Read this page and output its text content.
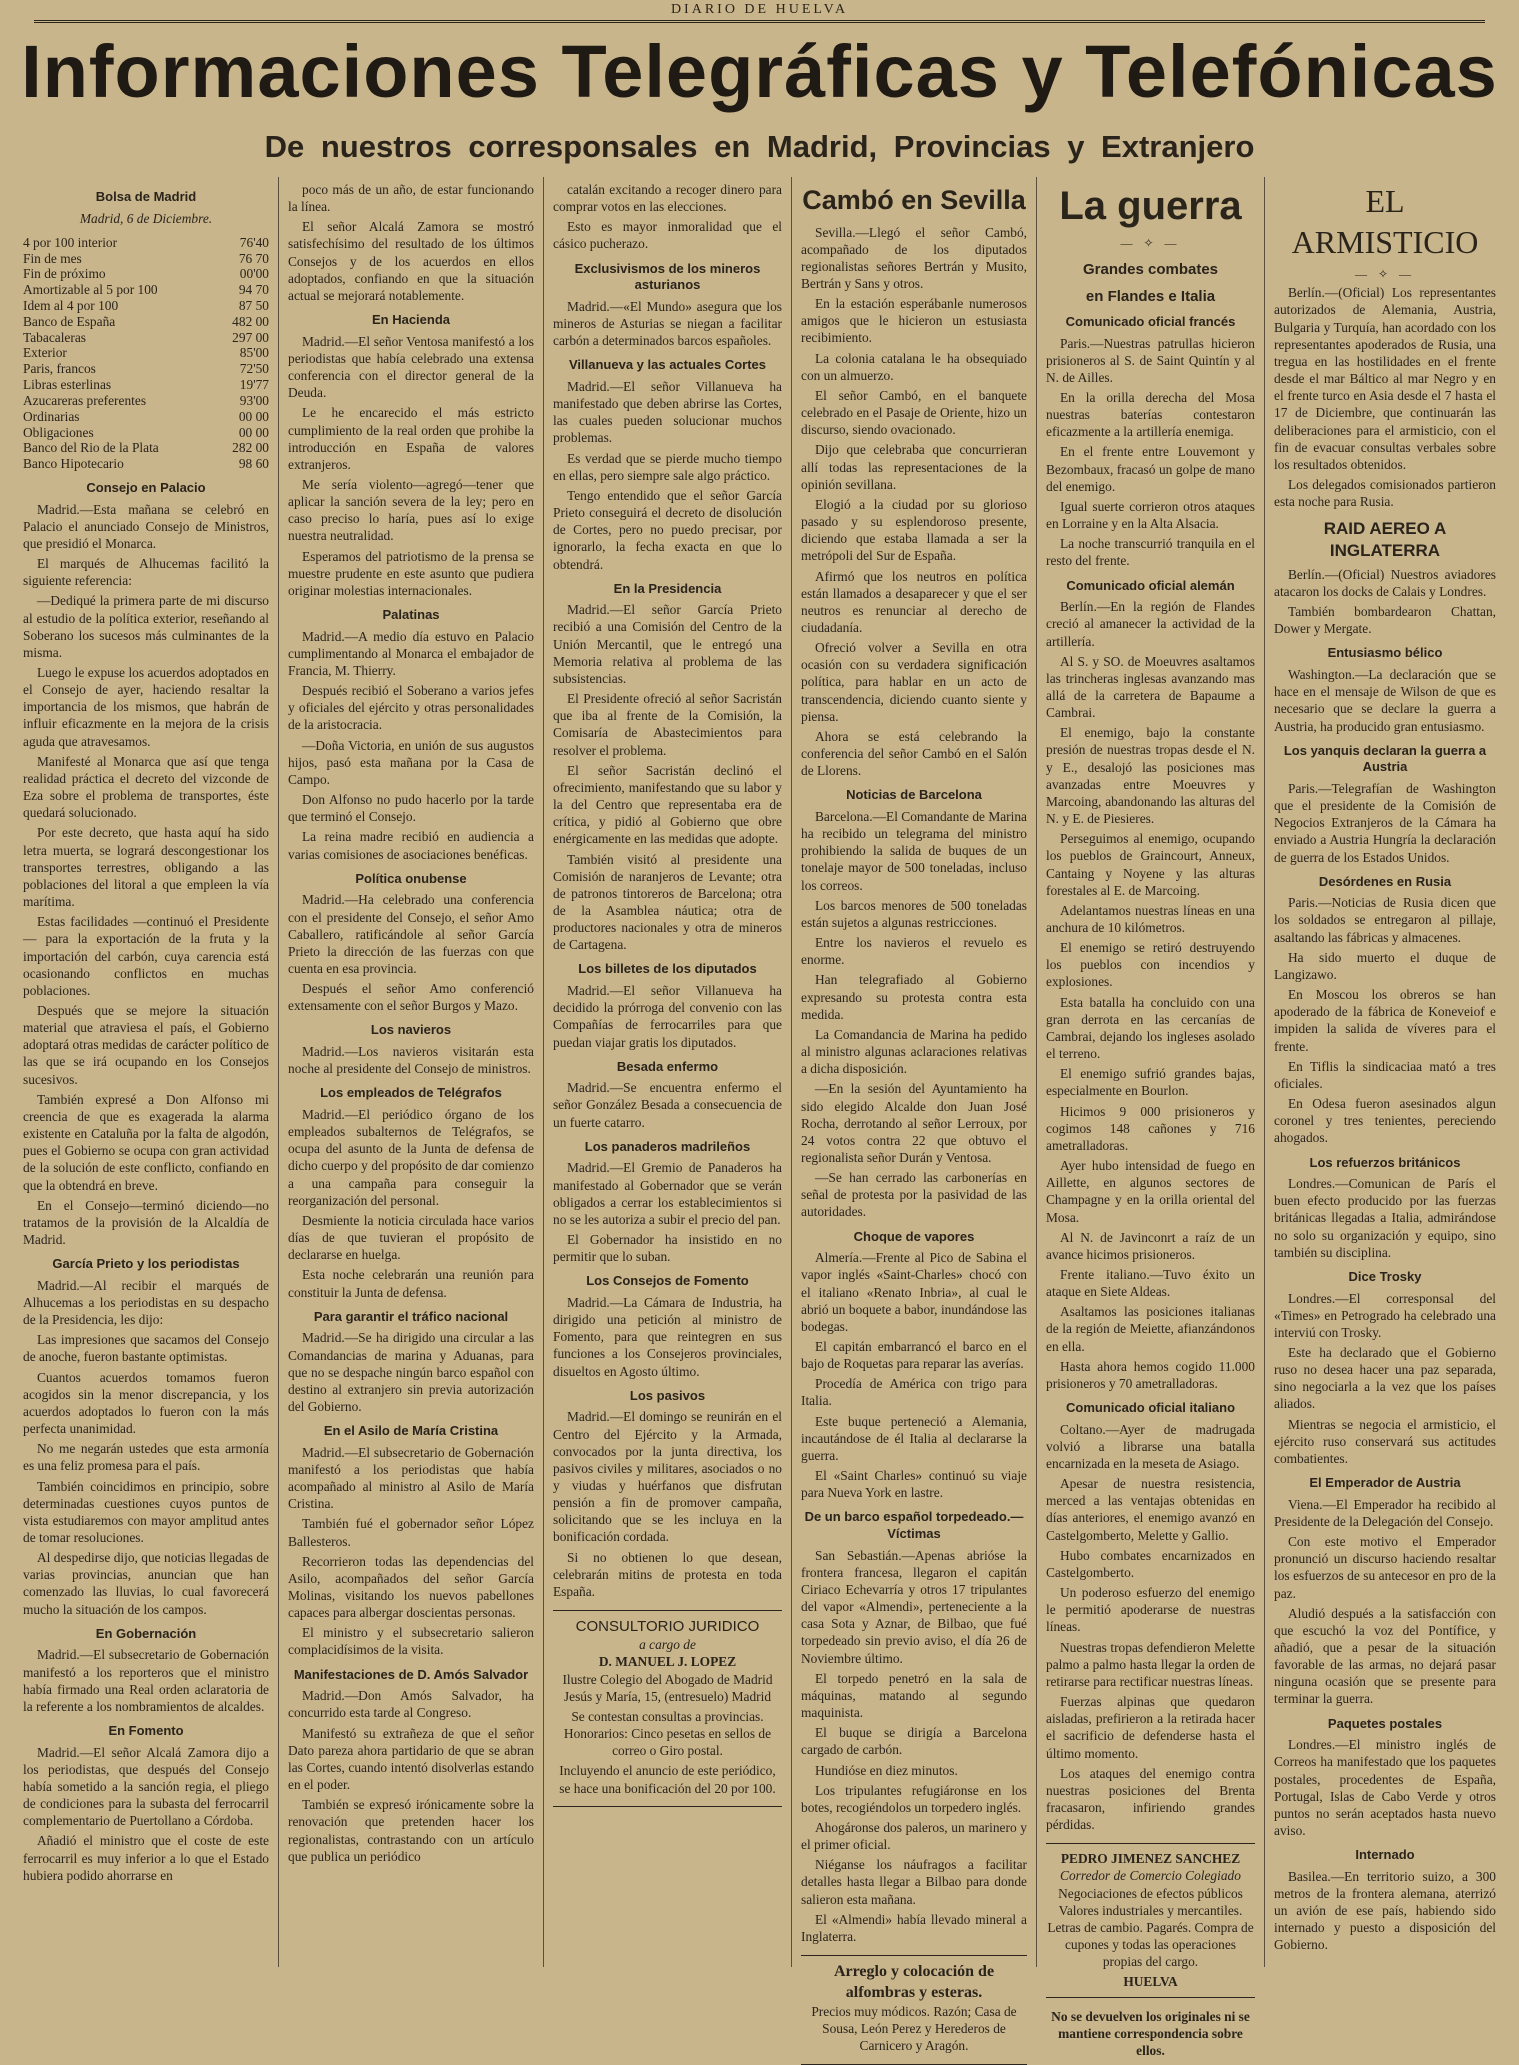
DIARIO DE HUELVA
Informaciones Telegráficas y Telefónicas
De nuestros corresponsales en Madrid, Provincias y Extranjero
Bolsa de Madrid
Madrid, 6 de Diciembre.
4 por 100 interior	76'40
Fin de mes	76 70
Fin de próximo	00'00
Amortizable al 5 por 100	94 70
Idem al 4 por 100	87 50
Banco de España	482 00
Tabacaleras	297 00
Exterior	85'00
Paris, francos	72'50
Libras esterlinas	19'77
Azucareras preferentes	93'00
Ordinarias	00 00
Obligaciones	00 00
Banco del Rio de la Plata	282 00
Banco Hipotecario	98 60
Consejo en Palacio

Madrid.—Esta mañana se celebró en Palacio el anunciado Consejo de Ministros, que presidió el Monarca.

El marqués de Alhucemas facilitó la siguiente referencia:

—Dediqué la primera parte de mi discurso al estudio de la política exterior, reseñando al Soberano los sucesos más culminantes de la misma.

Luego le expuse los acuerdos adoptados en el Consejo de ayer, haciendo resaltar la importancia de los mismos, que habrán de influir eficazmente en la mejora de la crisis aguda que atravesamos.

Manifesté al Monarca que así que tenga realidad práctica el decreto del vizconde de Eza sobre el problema de transportes, éste quedará solucionado.

Por este decreto, que hasta aquí ha sido letra muerta, se logrará descongestionar los transportes terrestres, obligando a las poblaciones del litoral a que empleen la vía marítima.

Estas facilidades —continuó el Presidente— para la exportación de la fruta y la importación del carbón, cuya carencia está ocasionando conflictos en muchas poblaciones.

Después que se mejore la situación material que atraviesa el país, el Gobierno adoptará otras medidas de carácter político de las que se irá ocupando en los Consejos sucesivos.

También expresé a Don Alfonso mi creencia de que es exagerada la alarma existente en Cataluña por la falta de algodón, pues el Gobierno se ocupa con gran actividad de la solución de este conflicto, confiando en que la obtendrá en breve.

En el Consejo—terminó diciendo—no tratamos de la provisión de la Alcaldía de Madrid.

García Prieto y los periodistas

Madrid.—Al recibir el marqués de Alhucemas a los periodistas en su despacho de la Presidencia, les dijo:

Las impresiones que sacamos del Consejo de anoche, fueron bastante optimistas.

Cuantos acuerdos tomamos fueron acogidos sin la menor discrepancia, y los acuerdos adoptados lo fueron con la más perfecta unanimidad.

No me negarán ustedes que esta armonía es una feliz promesa para el país.

También coincidimos en principio, sobre determinadas cuestiones cuyos puntos de vista estudiaremos con mayor amplitud antes de tomar resoluciones.

Al despedirse dijo, que noticias llegadas de varias provincias, anuncian que han comenzado las lluvias, lo cual favorecerá mucho la situación de los campos.

En Gobernación

Madrid.—El subsecretario de Gobernación manifestó a los reporteros que el ministro había firmado una Real orden aclaratoria de la referente a los nombramientos de alcaldes.

En Fomento

Madrid.—El señor Alcalá Zamora dijo a los periodistas, que después del Consejo había sometido a la sanción regia, el pliego de condiciones para la subasta del ferrocarril complementario de Puertollano a Córdoba.

Añadió el ministro que el coste de este ferrocarril es muy inferior a lo que el Estado hubiera podido ahorrarse en

poco más de un año, de estar funcionando la línea.

El señor Alcalá Zamora se mostró satisfechísimo del resultado de los últimos Consejos y de los acuerdos en ellos adoptados, confiando en que la situación actual se mejorará notablemente.

En Hacienda

Madrid.—El señor Ventosa manifestó a los periodistas que había celebrado una extensa conferencia con el director general de la Deuda.

Le he encarecido el más estricto cumplimiento de la real orden que prohibe la introducción en España de valores extranjeros.

Me sería violento—agregó—tener que aplicar la sanción severa de la ley; pero en caso preciso lo haría, pues así lo exige nuestra neutralidad.

Esperamos del patriotismo de la prensa se muestre prudente en este asunto que pudiera originar molestias internacionales.

Palatinas

Madrid.—A medio día estuvo en Palacio cumplimentando al Monarca el embajador de Francia, M. Thierry.

Después recibió el Soberano a varios jefes y oficiales del ejército y otras personalidades de la aristocracia.

—Doña Victoria, en unión de sus augustos hijos, pasó esta mañana por la Casa de Campo.

Don Alfonso no pudo hacerlo por la tarde que terminó el Consejo.

La reina madre recibió en audiencia a varias comisiones de asociaciones benéficas.

Política onubense

Madrid.—Ha celebrado una conferencia con el presidente del Consejo, el señor Amo Caballero, ratificándole al señor García Prieto la dirección de las fuerzas con que cuenta en esa provincia.

Después el señor Amo conferenció extensamente con el señor Burgos y Mazo.

Los navieros

Madrid.—Los navieros visitarán esta noche al presidente del Consejo de ministros.

Los empleados de Telégrafos

Madrid.—El periódico órgano de los empleados subalternos de Telégrafos, se ocupa del asunto de la Junta de defensa de dicho cuerpo y del propósito de dar comienzo a una campaña para conseguir la reorganización del personal.

Desmiente la noticia circulada hace varios días de que tuvieran el propósito de declararse en huelga.

Esta noche celebrarán una reunión para constituir la Junta de defensa.

Para garantir el tráfico nacional

Madrid.—Se ha dirigido una circular a las Comandancias de marina y Aduanas, para que no se despache ningún barco español con destino al extranjero sin previa autorización del Gobierno.

En el Asilo de María Cristina

Madrid.—El subsecretario de Gobernación manifestó a los periodistas que había acompañado al ministro al Asilo de María Cristina.

También fué el gobernador señor López Ballesteros.

Recorrieron todas las dependencias del Asilo, acompañados del señor García Molinas, visitando los nuevos pabellones capaces para albergar doscientas personas.

El ministro y el subsecretario salieron complacidísimos de la visita.

Manifestaciones de D. Amós Salvador

Madrid.—Don Amós Salvador, ha concurrido esta tarde al Congreso.

Manifestó su extrañeza de que el señor Dato pareza ahora partidario de que se abran las Cortes, cuando intentó disolverlas estando en el poder.

También se expresó irónicamente sobre la renovación que pretenden hacer los regionalistas, contrastando con un artículo que publica un periódico

catalán excitando a recoger dinero para comprar votos en las elecciones.

Esto es mayor inmoralidad que el cásico pucherazo.

Exclusivismos de los mineros asturianos

Madrid.—«El Mundo» asegura que los mineros de Asturias se niegan a facilitar carbón a determinados barcos españoles.

Villanueva y las actuales Cortes

Madrid.—El señor Villanueva ha manifestado que deben abrirse las Cortes, las cuales pueden solucionar muchos problemas.

Es verdad que se pierde mucho tiempo en ellas, pero siempre sale algo práctico.

Tengo entendido que el señor García Prieto conseguirá el decreto de disolución de Cortes, pero no puedo precisar, por ignorarlo, la fecha exacta en que lo obtendrá.

En la Presidencia

Madrid.—El señor García Prieto recibió a una Comisión del Centro de la Unión Mercantil, que le entregó una Memoria relativa al problema de las subsistencias.

El Presidente ofreció al señor Sacristán que iba al frente de la Comisión, la Comisaría de Abastecimientos para resolver el problema.

El señor Sacristán declinó el ofrecimiento, manifestando que su labor y la del Centro que representaba era de crítica, y pidió al Gobierno que obre enérgicamente en las medidas que adopte.

También visitó al presidente una Comisión de naranjeros de Levante; otra de patronos tintoreros de Barcelona; otra de la Asamblea náutica; otra de productores nacionales y otra de mineros de Cartagena.

Los billetes de los diputados

Madrid.—El señor Villanueva ha decidido la prórroga del convenio con las Compañías de ferrocarriles para que puedan viajar gratis los diputados.

Besada enfermo

Madrid.—Se encuentra enfermo el señor González Besada a consecuencia de un fuerte catarro.

Los panaderos madrileños

Madrid.—El Gremio de Panaderos ha manifestado al Gobernador que se verán obligados a cerrar los establecimientos si no se les autoriza a subir el precio del pan.

El Gobernador ha insistido en no permitir que lo suban.

Los Consejos de Fomento

Madrid.—La Cámara de Industria, ha dirigido una petición al ministro de Fomento, para que reintegren en sus funciones a los Consejeros provinciales, disueltos en Agosto último.

Los pasivos

Madrid.—El domingo se reunirán en el Centro del Ejército y la Armada, convocados por la junta directiva, los pasivos civiles y militares, asociados o no y viudas y huérfanos que disfrutan pensión a fin de promover campaña, solicitando que se les incluya en la bonificación cordada.

Si no obtienen lo que desean, celebrarán mitins de protesta en toda España.

CONSULTORIO JURIDICO
a cargo de
D. MANUEL J. LOPEZ

Ilustre Colegio del Abogado de Madrid Jesús y María, 15, (entresuelo) Madrid

Se contestan consultas a provincias. Honorarios: Cinco pesetas en sellos de correo o Giro postal.

Incluyendo el anuncio de este periódico, se hace una bonificación del 20 por 100.

Cambó en Sevilla

Sevilla.—Llegó el señor Cambó, acompañado de los diputados regionalistas señores Bertrán y Musito, Bertrán y Sans y otros.

En la estación esperábanle numerosos amigos que le hicieron un estusiasta recibimiento.

La colonia catalana le ha obsequiado con un almuerzo.

El señor Cambó, en el banquete celebrado en el Pasaje de Oriente, hizo un discurso, siendo ovacionado.

Dijo que celebraba que concurrieran allí todas las representaciones de la opinión sevillana.

Elogió a la ciudad por su glorioso pasado y su esplendoroso presente, diciendo que estaba llamada a ser la metrópoli del Sur de España.

Afirmó que los neutros en política están llamados a desaparecer y que el ser neutros es renunciar al derecho de ciudadanía.

Ofreció volver a Sevilla en otra ocasión con su verdadera significación política, para hablar en un acto de transcendencia, diciendo cuanto siente y piensa.

Ahora se está celebrando la conferencia del señor Cambó en el Salón de Llorens.

Noticias de Barcelona

Barcelona.—El Comandante de Marina ha recibido un telegrama del ministro prohibiendo la salida de buques de un tonelaje mayor de 500 toneladas, incluso los correos.

Los barcos menores de 500 toneladas están sujetos a algunas restricciones.

Entre los navieros el revuelo es enorme.

Han telegrafiado al Gobierno expresando su protesta contra esta medida.

La Comandancia de Marina ha pedido al ministro algunas aclaraciones relativas a dicha disposición.

—En la sesión del Ayuntamiento ha sido elegido Alcalde don Juan José Rocha, derrotando al señor Lerroux, por 24 votos contra 22 que obtuvo el regionalista señor Durán y Ventosa.

—Se han cerrado las carbonerías en señal de protesta por la pasividad de las autoridades.

Choque de vapores

Almería.—Frente al Pico de Sabina el vapor inglés «Saint-Charles» chocó con el italiano «Renato Inbria», al cual le abrió un boquete a babor, inundándose las bodegas.

El capitán embarrancó el barco en el bajo de Roquetas para reparar las averías.

Procedía de América con trigo para Italia.

Este buque perteneció a Alemania, incautándose de él Italia al declararse la guerra.

El «Saint Charles» continuó su viaje para Nueva York en lastre.

De un barco español torpedeado.—Víctimas

San Sebastián.—Apenas abrióse la frontera francesa, llegaron el capitán Ciriaco Echevarría y otros 17 tripulantes del vapor «Almendi», perteneciente a la casa Sota y Aznar, de Bilbao, que fué torpedeado sin previo aviso, el día 26 de Noviembre último.

El torpedo penetró en la sala de máquinas, matando al segundo maquinista.

El buque se dirigía a Barcelona cargado de carbón.

Hundióse en diez minutos.

Los tripulantes refugiáronse en los botes, recogiéndolos un torpedero inglés.

Ahogáronse dos paleros, un marinero y el primer oficial.

Niéganse los náufragos a facilitar detalles hasta llegar a Bilbao para donde salieron esta mañana.

El «Almendi» había llevado mineral a Inglaterra.

Arreglo y colocación de alfombras y esteras.

Precios muy módicos. Razón; Casa de Sousa, León Perez y Herederos de Carnicero y Aragón.

La guerra
— ✧ —
Grandes combates
en Flandes e Italia
Comunicado oficial francés

Paris.—Nuestras patrullas hicieron prisioneros al S. de Saint Quintín y al N. de Ailles.

En la orilla derecha del Mosa nuestras baterías contestaron eficazmente a la artillería enemiga.

En el frente entre Louvemont y Bezombaux, fracasó un golpe de mano del enemigo.

Igual suerte corrieron otros ataques en Lorraine y en la Alta Alsacia.

La noche transcurrió tranquila en el resto del frente.

Comunicado oficial alemán

Berlín.—En la región de Flandes creció al amanecer la actividad de la artillería.

Al S. y SO. de Moeuvres asaltamos las trincheras inglesas avanzando mas allá de la carretera de Bapaume a Cambrai.

El enemigo, bajo la constante presión de nuestras tropas desde el N. y E., desalojó las posiciones mas avanzadas entre Moeuvres y Marcoing, abandonando las alturas del N. y E. de Piesieres.

Perseguimos al enemigo, ocupando los pueblos de Graincourt, Anneux, Cantaing y Noyene y las alturas forestales al E. de Marcoing.

Adelantamos nuestras líneas en una anchura de 10 kilómetros.

El enemigo se retiró destruyendo los pueblos con incendios y explosiones.

Esta batalla ha concluido con una gran derrota en las cercanías de Cambrai, dejando los ingleses asolado el terreno.

El enemigo sufrió grandes bajas, especialmente en Bourlon.

Hicimos 9 000 prisioneros y cogimos 148 cañones y 716 ametralladoras.

Ayer hubo intensidad de fuego en Aillette, en algunos sectores de Champagne y en la orilla oriental del Mosa.

Al N. de Javinconrt a raíz de un avance hicimos prisioneros.

Frente italiano.—Tuvo éxito un ataque en Siete Aldeas.

Asaltamos las posiciones italianas de la región de Meiette, afianzándonos en ella.

Hasta ahora hemos cogido 11.000 prisioneros y 70 ametralladoras.

Comunicado oficial italiano

Coltano.—Ayer de madrugada volvió a librarse una batalla encarnizada en la meseta de Asiago.

Apesar de nuestra resistencia, merced a las ventajas obtenidas en días anteriores, el enemigo avanzó en Castelgomberto, Melette y Gallio.

Hubo combates encarnizados en Castelgomberto.

Un poderoso esfuerzo del enemigo le permitió apoderarse de nuestras líneas.

Nuestras tropas defendieron Melette palmo a palmo hasta llegar la orden de retirarse para rectificar nuestras líneas.

Fuerzas alpinas que quedaron aisladas, prefirieron a la retirada hacer el sacrificio de defenderse hasta el último momento.

Los ataques del enemigo contra nuestras posiciones del Brenta fracasaron, infiriendo grandes pérdidas.

PEDRO JIMENEZ SANCHEZ
Corredor de Comercio Colegiado

Negociaciones de efectos públicos Valores industriales y mercantiles. Letras de cambio. Pagarés. Compra de cupones y todas las operaciones propias del cargo.

HUELVA
No se devuelven los originales ni se mantiene correspondencia sobre ellos.
EL ARMISTICIO
— ✧ —

Berlín.—(Oficial) Los representantes autorizados de Alemania, Austria, Bulgaria y Turquía, han acordado con los representantes apoderados de Rusia, una tregua en las hostilidades en el frente desde el mar Báltico al mar Negro y en el frente turco en Asia desde el 7 hasta el 17 de Diciembre, que continuarán las deliberaciones para el armisticio, con el fin de evacuar consultas verbales sobre los resultados obtenidos.

Los delegados comisionados partieron esta noche para Rusia.

RAID AEREO A INGLATERRA

Berlín.—(Oficial) Nuestros aviadores atacaron los docks de Calais y Londres.

También bombardearon Chattan, Dower y Mergate.

Entusiasmo bélico

Washington.—La declaración que se hace en el mensaje de Wilson de que es necesario que se declare la guerra a Austria, ha producido gran entusiasmo.

Los yanquis declaran la guerra a Austria

Paris.—Telegrafían de Washington que el presidente de la Comisión de Negocios Extranjeros de la Cámara ha enviado a Austria Hungría la declaración de guerra de los Estados Unidos.

Desórdenes en Rusia

Paris.—Noticias de Rusia dicen que los soldados se entregaron al pillaje, asaltando las fábricas y almacenes.

Ha sido muerto el duque de Langizawo.

En Moscou los obreros se han apoderado de la fábrica de Koneveiof e impiden la salida de víveres para el frente.

En Tiflis la sindicaciaa mató a tres oficiales.

En Odesa fueron asesinados algun coronel y tres tenientes, pereciendo ahogados.

Los refuerzos británicos

Londres.—Comunican de París el buen efecto producido por las fuerzas británicas llegadas a Italia, admirándose no solo su organización y equipo, sino también su disciplina.

Dice Trosky

Londres.—El corresponsal del «Times» en Petrogrado ha celebrado una interviú con Trosky.

Este ha declarado que el Gobierno ruso no desea hacer una paz separada, sino negociarla a la vez que los países aliados.

Mientras se negocia el armisticio, el ejército ruso conservará sus actitudes combatientes.

El Emperador de Austria

Viena.—El Emperador ha recibido al Presidente de la Delegación del Consejo.

Con este motivo el Emperador pronunció un discurso haciendo resaltar los esfuerzos de su antecesor en pro de la paz.

Aludió después a la satisfacción con que escuchó la voz del Pontífice, y añadió, que a pesar de la situación favorable de las armas, no dejará pasar ninguna ocasión que se presente para terminar la guerra.

Paquetes postales

Londres.—El ministro inglés de Correos ha manifestado que los paquetes postales, procedentes de España, Portugal, Islas de Cabo Verde y otros puntos no serán aceptados hasta nuevo aviso.

Internado

Basilea.—En territorio suizo, a 300 metros de la frontera alemana, aterrizó un avión de ese país, habiendo sido internado y puesto a disposición del Gobierno.
